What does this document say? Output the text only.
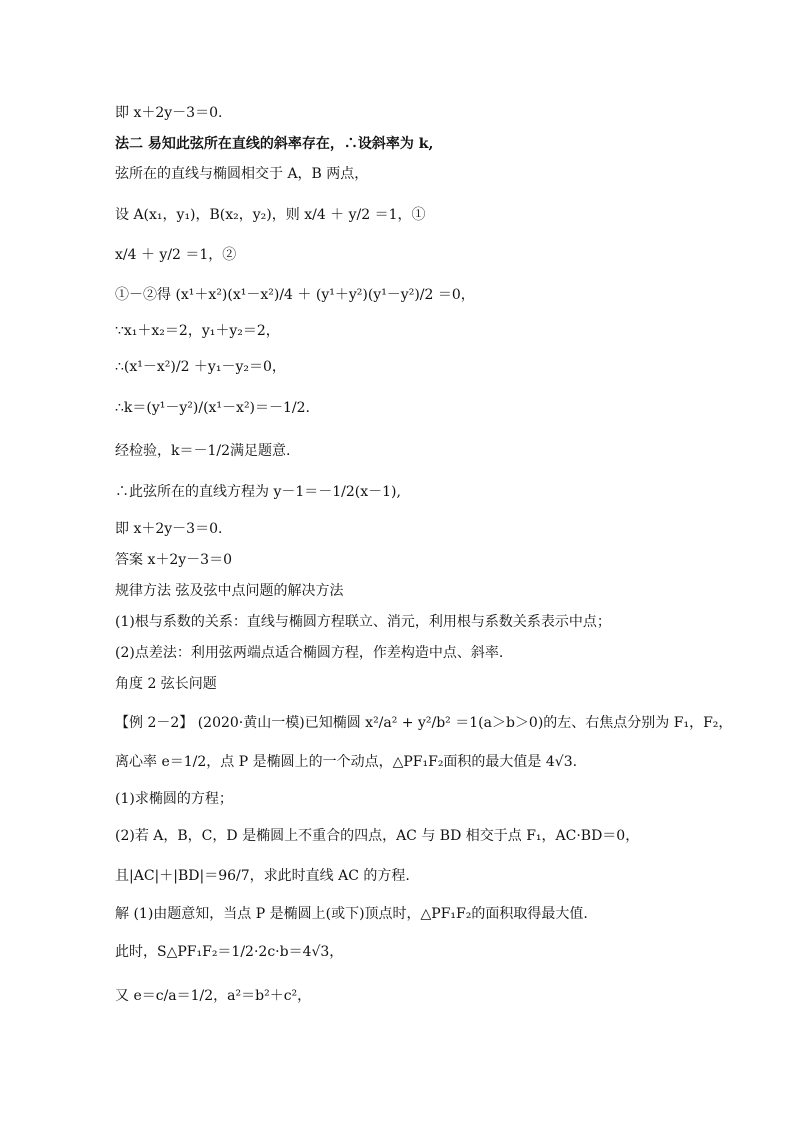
即 x＋2y－3＝0.
法二 易知此弦所在直线的斜率存在，∴设斜率为 k,
弦所在的直线与椭圆相交于 A，B 两点，
设 A(x₁，y₁)，B(x₂，y₂)，则 x/4 ＋ y/2 ＝1，①
x/4 ＋ y/2 ＝1，②
①－②得 (x¹＋x²)(x¹－x²)/4 ＋ (y¹＋y²)(y¹－y²)/2 ＝0，
∵x₁＋x₂＝2，y₁＋y₂＝2，
∴(x¹－x²)/2 ＋y₁－y₂＝0，
∴k＝(y¹－y²)/(x¹－x²)＝－1/2.
经检验，k＝－1/2满足题意.
∴此弦所在的直线方程为 y－1＝－1/2(x－1),
即 x＋2y－3＝0.
答案 x＋2y－3＝0
规律方法 弦及弦中点问题的解决方法
(1)根与系数的关系：直线与椭圆方程联立、消元，利用根与系数关系表示中点；
(2)点差法：利用弦两端点适合椭圆方程，作差构造中点、斜率.
角度 2 弦长问题
【例 2－2】 (2020·黄山一模)已知椭圆 x²/a² + y²/b² ＝1(a＞b＞0)的左、右焦点分别为 F₁，F₂，
离心率 e＝1/2，点 P 是椭圆上的一个动点，△PF₁F₂面积的最大值是 4√3.
(1)求椭圆的方程；
(2)若 A，B，C，D 是椭圆上不重合的四点，AC 与 BD 相交于点 F₁，AC·BD＝0，
且|AC|＋|BD|＝96/7，求此时直线 AC 的方程.
解 (1)由题意知，当点 P 是椭圆上(或下)顶点时，△PF₁F₂的面积取得最大值.
此时，S△PF₁F₂＝1/2·2c·b＝4√3，
又 e＝c/a＝1/2，a²＝b²＋c²，
